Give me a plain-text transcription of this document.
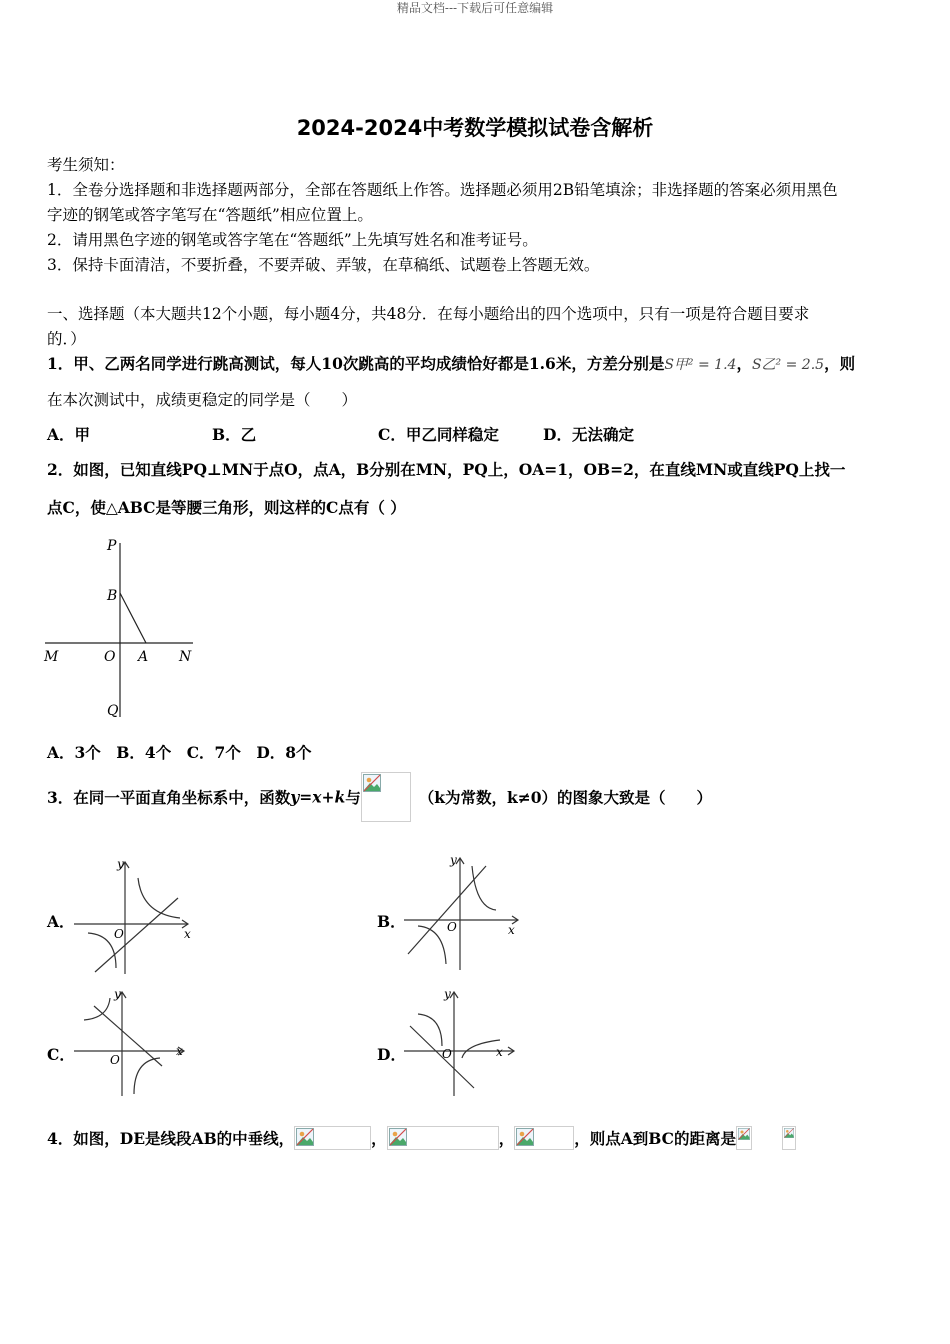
精品文档---下载后可任意编辑
2024-2024中考数学模拟试卷含解析
考生须知：
1．全卷分选择题和非选择题两部分，全部在答题纸上作答。选择题必须用2B铅笔填涂；非选择题的答案必须用黑色
字迹的钢笔或答字笔写在“答题纸”相应位置上。
2．请用黑色字迹的钢笔或答字笔在“答题纸”上先填写姓名和准考证号。
3．保持卡面清洁，不要折叠，不要弄破、弄皱，在草稿纸、试题卷上答题无效。
一、选择题（本大题共12个小题，每小题4分，共48分．在每小题给出的四个选项中，只有一项是符合题目要求
的．）
1．甲、乙两名同学进行跳高测试，每人10次跳高的平均成绩恰好都是1.6米，方差分别是S甲² = 1.4，S乙² = 2.5，则
在本次测试中，成绩更稳定的同学是（　　）
A．甲	B．乙	C．甲乙同样稳定	D．无法确定
2．如图，已知直线PQ⊥MN于点O，点A，B分别在MN，PQ上，OA=1，OB=2，在直线MN或直线PQ上找一
点C，使△ABC是等腰三角形，则这样的C点有（ ）
P
B
M	O A N
Q
A．3个　B．4个　C．7个　D．8个
3．在同一平面直角坐标系中，函数y=x+k与	（k为常数，k≠0）的图象大致是（　　）
A．	B．
C．	D．
x
y
O	x
y
O
x
y
O
x
y
O
4．如图，DE是线段AB的中垂线，	，	，	，则点A到BC的距离是
